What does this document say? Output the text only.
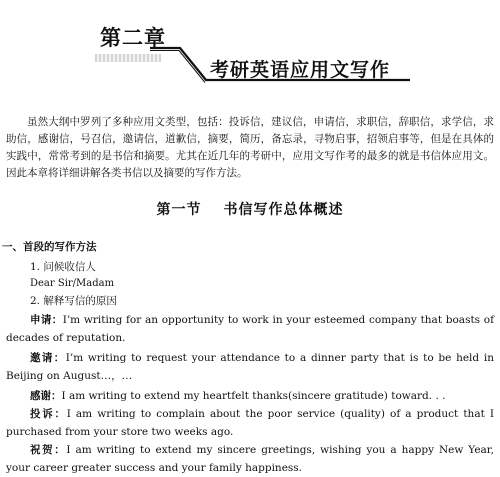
第二章
考研英语应用文写作

虽然大纲中罗列了多种应用文类型，包括：投诉信，建议信，申请信，求职信，辞职信，求学信，求助信，感谢信，号召信，邀请信，道歉信，摘要，简历，备忘录，寻物启事，招领启事等，但是在具体的实践中，常常考到的是书信和摘要。尤其在近几年的考研中，应用文写作考的最多的就是书信体应用文。因此本章将详细讲解各类书信以及摘要的写作方法。

第一节 书信写作总体概述
一、首段的写作方法
1. 问候收信人
Dear Sir/Madam
2. 解释写信的原因

申请：I’m writing for an opportunity to work in your esteemed company that boasts of decades of reputation.

邀请：I’m writing to request your attendance to a dinner party that is to be held in Beijing on August…，…

感谢：I am writing to extend my heartfelt thanks(sincere gratitude) toward. . .

投诉：I am writing to complain about the poor service (quality) of a product that I purchased from your store two weeks ago.

祝贺：I am writing to extend my sincere greetings, wishing you a happy New Year, your career greater success and your family happiness.
